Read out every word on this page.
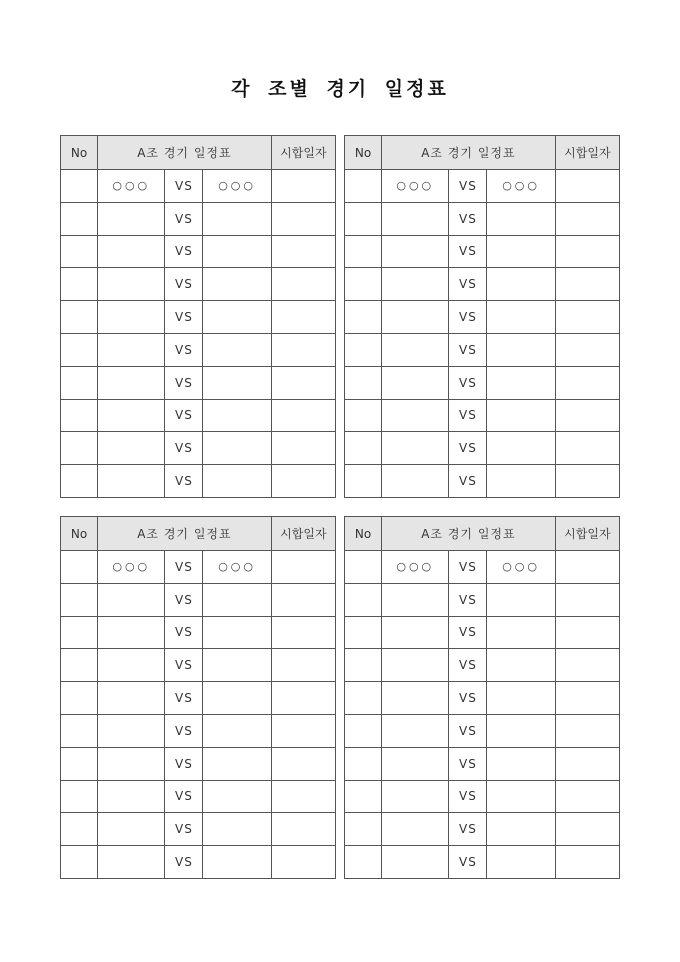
각 조별 경기 일정표
No	A조 경기 일정표			시합일자
	○○○	VS	○○○	
		VS		
		VS		
		VS		
		VS		
		VS		
		VS		
		VS		
		VS		
		VS		
No	A조 경기 일정표			시합일자
	○○○	VS	○○○	
		VS		
		VS		
		VS		
		VS		
		VS		
		VS		
		VS		
		VS		
		VS		
No	A조 경기 일정표			시합일자
	○○○	VS	○○○	
		VS		
		VS		
		VS		
		VS		
		VS		
		VS		
		VS		
		VS		
		VS		
No	A조 경기 일정표			시합일자
	○○○	VS	○○○	
		VS		
		VS		
		VS		
		VS		
		VS		
		VS		
		VS		
		VS		
		VS		
